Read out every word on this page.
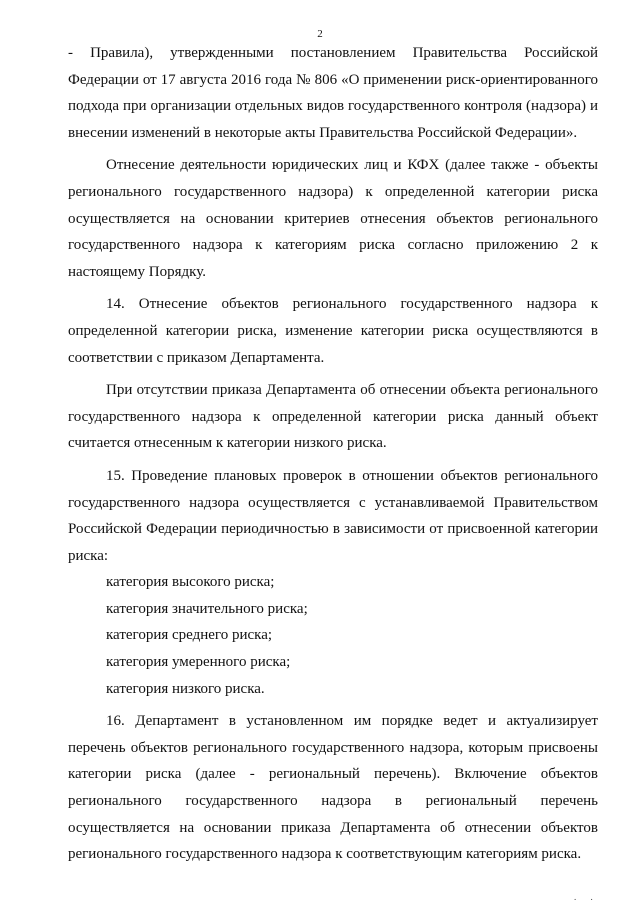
2

- Правила), утвержденными постановлением Правительства Российской Федерации от 17 августа 2016 года № 806 «О применении риск-ориентированного подхода при организации отдельных видов государственного контроля (надзора) и внесении изменений в некоторые акты Правительства Российской Федерации».

Отнесение деятельности юридических лиц и КФХ (далее также - объекты регионального государственного надзора) к определенной категории риска осуществляется на основании критериев отнесения объектов регионального государственного надзора к категориям риска согласно приложению 2 к настоящему Порядку.

14. Отнесение объектов регионального государственного надзора к определенной категории риска, изменение категории риска осуществляются в соответствии с приказом Департамента.

При отсутствии приказа Департамента об отнесении объекта регионального государственного надзора к определенной категории риска данный объект считается отнесенным к категории низкого риска.

15. Проведение плановых проверок в отношении объектов регионального государственного надзора осуществляется с устанавливаемой Правительством Российской Федерации периодичностью в зависимости от присвоенной категории риска:

категория высокого риска;

категория значительного риска;

категория среднего риска;

категория умеренного риска;

категория низкого риска.

16. Департамент в установленном им порядке ведет и актуализирует перечень объектов регионального государственного надзора, которым присвоены категории риска (далее - региональный перечень). Включение объектов регионального государственного надзора в региональный перечень осуществляется на основании приказа Департамента об отнесении объектов регионального государственного надзора к соответствующим категориям риска.

. .
